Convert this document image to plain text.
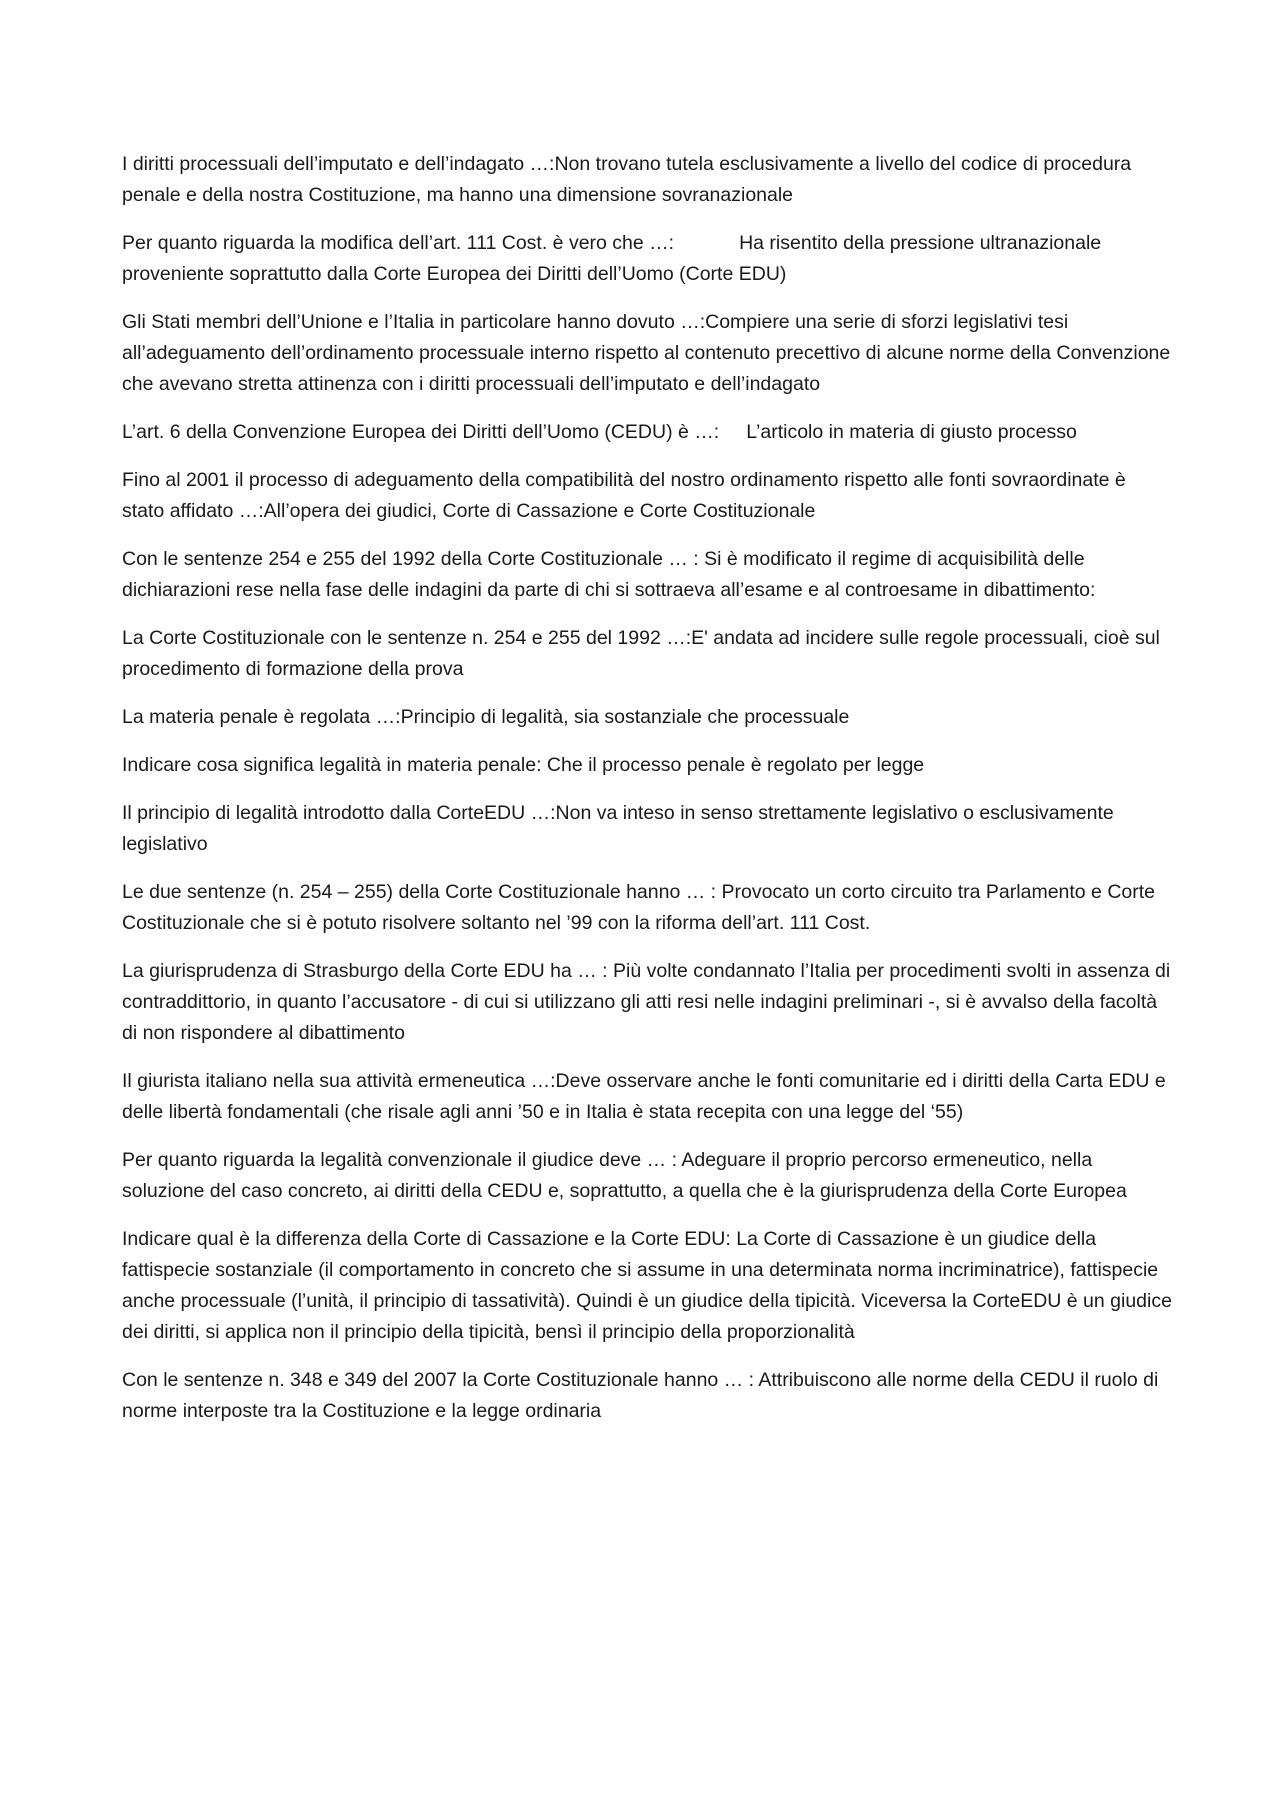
I diritti processuali dell’imputato e dell’indagato …:Non trovano tutela esclusivamente a livello del codice di procedura penale e della nostra Costituzione, ma hanno una dimensione sovranazionale

Per quanto riguarda la modifica dell’art. 111 Cost. è vero che …:            Ha risentito della pressione ultranazionale proveniente soprattutto dalla Corte Europea dei Diritti dell’Uomo (Corte EDU)

Gli Stati membri dell’Unione e l’Italia in particolare hanno dovuto …:Compiere una serie di sforzi legislativi tesi all’adeguamento dell’ordinamento processuale interno rispetto al contenuto precettivo di alcune norme della Convenzione che avevano stretta attinenza con i diritti processuali dell’imputato e dell’indagato

L’art. 6 della Convenzione Europea dei Diritti dell’Uomo (CEDU) è …:     L’articolo in materia di giusto processo

Fino al 2001 il processo di adeguamento della compatibilità del nostro ordinamento rispetto alle fonti sovraordinate è stato affidato …:All’opera dei giudici, Corte di Cassazione e Corte Costituzionale

Con le sentenze 254 e 255 del 1992 della Corte Costituzionale … : Si è modificato il regime di acquisibilità delle dichiarazioni rese nella fase delle indagini da parte di chi si sottraeva all’esame e al controesame in dibattimento:

La Corte Costituzionale con le sentenze n. 254 e 255 del 1992 …:E' andata ad incidere sulle regole processuali, cioè sul procedimento di formazione della prova

La materia penale è regolata …:Principio di legalità, sia sostanziale che processuale

Indicare cosa significa legalità in materia penale: Che il processo penale è regolato per legge

Il principio di legalità introdotto dalla CorteEDU …:Non va inteso in senso strettamente legislativo o esclusivamente legislativo

Le due sentenze (n. 254 – 255) della Corte Costituzionale hanno … : Provocato un corto circuito tra Parlamento e Corte Costituzionale che si è potuto risolvere soltanto nel ’99 con la riforma dell’art. 111 Cost.

La giurisprudenza di Strasburgo della Corte EDU ha … : Più volte condannato l’Italia per procedimenti svolti in assenza di contraddittorio, in quanto l’accusatore - di cui si utilizzano gli atti resi nelle indagini preliminari -, si è avvalso della facoltà di non rispondere al dibattimento

Il giurista italiano nella sua attività ermeneutica …:Deve osservare anche le fonti comunitarie ed i diritti della Carta EDU e delle libertà fondamentali (che risale agli anni ’50 e in Italia è stata recepita con una legge del ‘55)

Per quanto riguarda la legalità convenzionale il giudice deve … : Adeguare il proprio percorso ermeneutico, nella soluzione del caso concreto, ai diritti della CEDU e, soprattutto, a quella che è la giurisprudenza della Corte Europea

Indicare qual è la differenza della Corte di Cassazione e la Corte EDU: La Corte di Cassazione è un giudice della fattispecie sostanziale (il comportamento in concreto che si assume in una determinata norma incriminatrice), fattispecie anche processuale (l’unità, il principio di tassatività). Quindi è un giudice della tipicità. Viceversa la CorteEDU è un giudice dei diritti, si applica non il principio della tipicità, bensì il principio della proporzionalità

Con le sentenze n. 348 e 349 del 2007 la Corte Costituzionale hanno … : Attribuiscono alle norme della CEDU il ruolo di norme interposte tra la Costituzione e la legge ordinaria
